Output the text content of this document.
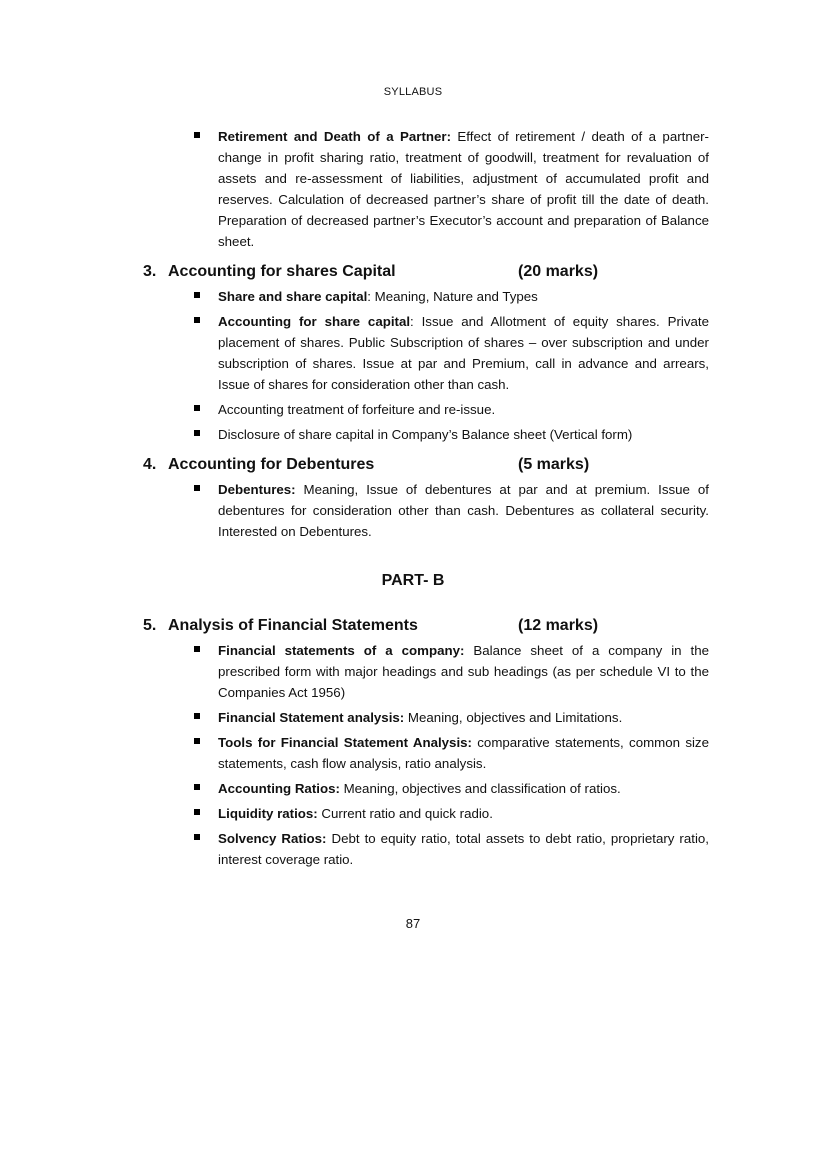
SYLLABUS
Retirement and Death of a Partner: Effect of retirement / death of a partner- change in profit sharing ratio, treatment of goodwill, treatment for revaluation of assets and re-assessment of liabilities, adjustment of accumulated profit and reserves. Calculation of decreased partner’s share of profit till the date of death. Preparation of decreased partner’s Executor’s account and preparation of Balance sheet.
3. Accounting for shares Capital	(20 marks)
Share and share capital: Meaning, Nature and Types
Accounting for share capital: Issue and Allotment of equity shares. Private placement of shares. Public Subscription of shares – over subscription and under subscription of shares. Issue at par and Premium, call in advance and arrears, Issue of shares for consideration other than cash.
Accounting treatment of forfeiture and re-issue.
Disclosure of share capital in Company’s Balance sheet (Vertical form)
4. Accounting for Debentures	(5 marks)
Debentures: Meaning, Issue of debentures at par and at premium. Issue of debentures for consideration other than cash. Debentures as collateral security. Interested on Debentures.
PART- B
5. Analysis of Financial Statements	(12 marks)
Financial statements of a company: Balance sheet of a company in the prescribed form with major headings and sub headings (as per schedule VI to the Companies Act 1956)
Financial Statement analysis: Meaning, objectives and Limitations.
Tools for Financial Statement Analysis: comparative statements, common size statements, cash flow analysis, ratio analysis.
Accounting Ratios: Meaning, objectives and classification of ratios.
Liquidity ratios: Current ratio and quick radio.
Solvency Ratios: Debt to equity ratio, total assets to debt ratio, proprietary ratio, interest coverage ratio.
87
